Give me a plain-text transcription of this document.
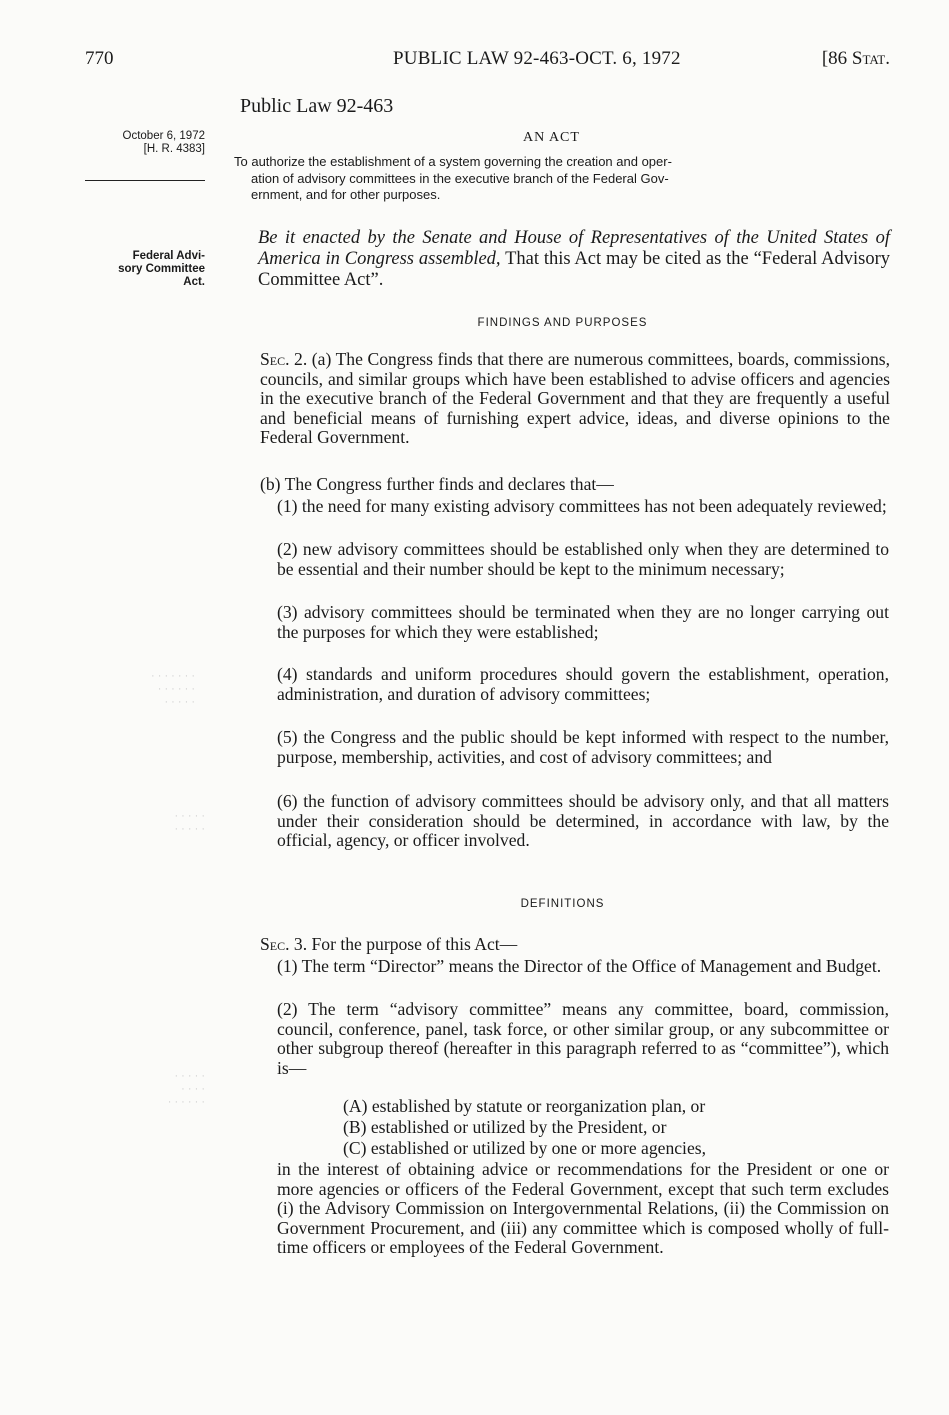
770	PUBLIC LAW 92-463-OCT. 6, 1972	[86 Stat.
· · · · · · ·
· · · · · ·
· · · · ·
· · · · ·
· · · · ·
· · · · ·
· · · ·
· · · · · ·
October 6, 1972
[H. R. 4383]
Federal Advi-
sory Committee
Act.
Public Law 92-463
AN ACT
To authorize the establishment of a system governing the creation and oper-
ation of advisory committees in the executive branch of the Federal Gov-
ernment, and for other purposes.
Be it enacted by the Senate and House of Representatives of the United States of America in Congress assembled, That this Act may be cited as the “Federal Advisory Committee Act”.
FINDINGS AND PURPOSES
Sec. 2. (a) The Congress finds that there are numerous committees, boards, commissions, councils, and similar groups which have been established to advise officers and agencies in the executive branch of the Federal Government and that they are frequently a useful and beneficial means of furnishing expert advice, ideas, and diverse opinions to the Federal Government.
(b) The Congress further finds and declares that—
(1) the need for many existing advisory committees has not been adequately reviewed;
(2) new advisory committees should be established only when they are determined to be essential and their number should be kept to the minimum necessary;
(3) advisory committees should be terminated when they are no longer carrying out the purposes for which they were established;
(4) standards and uniform procedures should govern the establishment, operation, administration, and duration of advisory committees;
(5) the Congress and the public should be kept informed with respect to the number, purpose, membership, activities, and cost of advisory committees; and
(6) the function of advisory committees should be advisory only, and that all matters under their consideration should be determined, in accordance with law, by the official, agency, or officer involved.
DEFINITIONS
Sec. 3. For the purpose of this Act—
(1) The term “Director” means the Director of the Office of Management and Budget.
(2) The term “advisory committee” means any committee, board, commission, council, conference, panel, task force, or other similar group, or any subcommittee or other subgroup thereof (hereafter in this paragraph referred to as “committee”), which is—
(A) established by statute or reorganization plan, or
(B) established or utilized by the President, or
(C) established or utilized by one or more agencies,
in the interest of obtaining advice or recommendations for the President or one or more agencies or officers of the Federal Government, except that such term excludes (i) the Advisory Commission on Intergovernmental Relations, (ii) the Commission on Government Procurement, and (iii) any committee which is composed wholly of full-time officers or employees of the Federal Government.
